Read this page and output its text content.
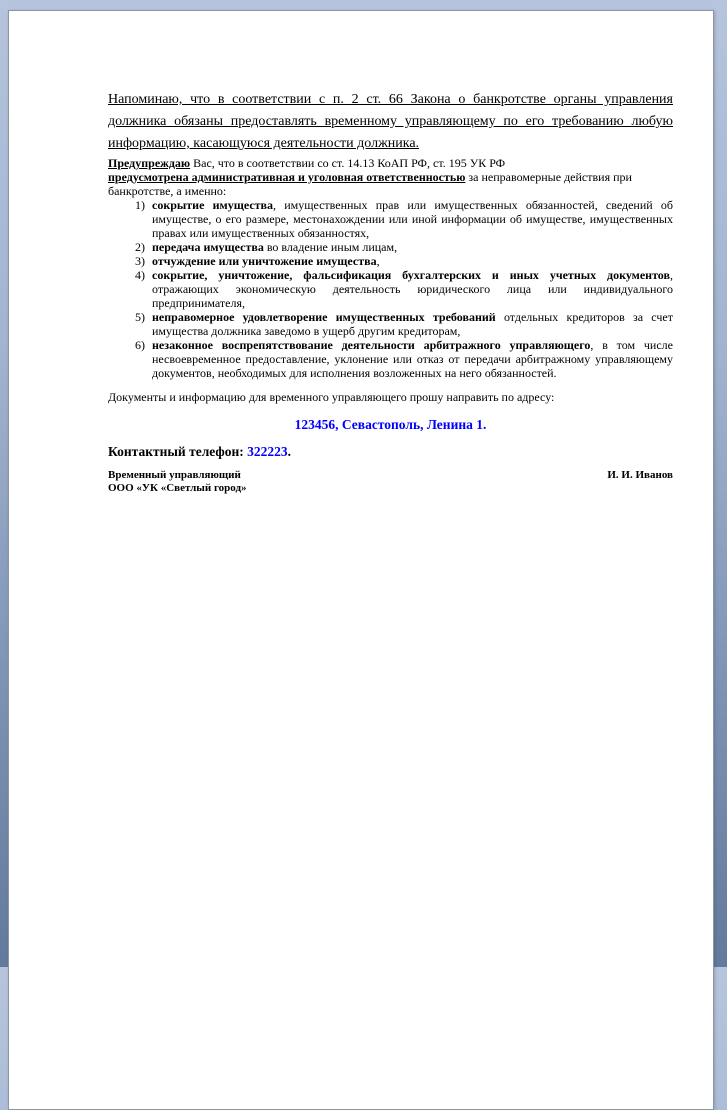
Напоминаю, что в соответствии с п. 2 ст. 66 Закона о банкротстве органы управления должника обязаны предоставлять временному управляющему по его требованию любую информацию, касающуюся деятельности должника.

Предупреждаю Вас, что в соответствии со ст. 14.13 КоАП РФ, ст. 195 УК РФ
предусмотрена административная и уголовная ответственностью за неправомерные действия при банкротстве, а именно:

1) сокрытие имущества, имущественных прав или имущественных обязанностей, сведений об имуществе, о его размере, местонахождении или иной информации об имуществе, имущественных правах или имущественных обязанностях,
2) передача имущества во владение иным лицам,
3) отчуждение или уничтожение имущества,
4) сокрытие, уничтожение, фальсификация бухгалтерских и иных учетных документов, отражающих экономическую деятельность юридического лица или индивидуального предпринимателя,
5) неправомерное удовлетворение имущественных требований отдельных кредиторов за счет имущества должника заведомо в ущерб другим кредиторам,
6) незаконное воспрепятствование деятельности арбитражного управляющего, в том числе несвоевременное предоставление, уклонение или отказ от передачи арбитражному управляющему документов, необходимых для исполнения возложенных на него обязанностей.

Документы и информацию для временного управляющего прошу направить по адресу:

123456, Севастополь, Ленина 1.

Контактный телефон: 322223.

Временный управляющий
ООО «УК «Светлый город»
И. И. Иванов
